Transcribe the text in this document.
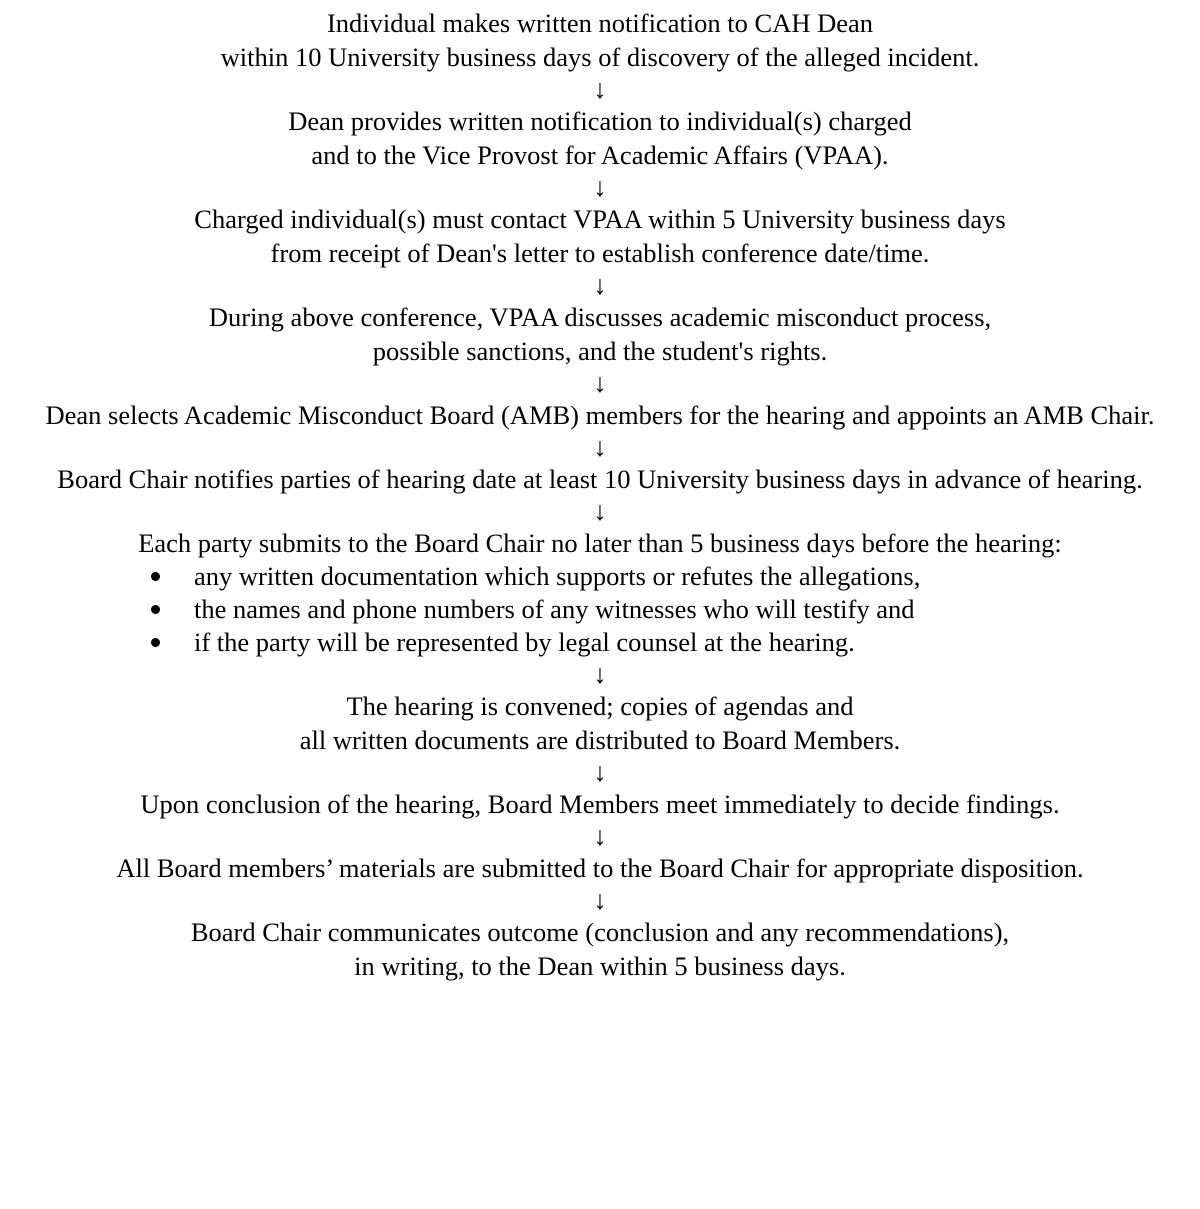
Individual makes written notification to CAH Dean
within 10 University business days of discovery of the alleged incident.
↓
Dean provides written notification to individual(s) charged
and to the Vice Provost for Academic Affairs (VPAA).
↓
Charged individual(s) must contact VPAA within 5 University business days
from receipt of Dean's letter to establish conference date/time.
↓
During above conference, VPAA discusses academic misconduct process,
possible sanctions, and the student's rights.
↓
Dean selects Academic Misconduct Board (AMB) members for the hearing and appoints an AMB Chair.
↓
Board Chair notifies parties of hearing date at least 10 University business days in advance of hearing.
↓
Each party submits to the Board Chair no later than 5 business days before the hearing:
any written documentation which supports or refutes the allegations,
the names and phone numbers of any witnesses who will testify and
if the party will be represented by legal counsel at the hearing.
↓
The hearing is convened; copies of agendas and
all written documents are distributed to Board Members.
↓
Upon conclusion of the hearing, Board Members meet immediately to decide findings.
↓
All Board members’ materials are submitted to the Board Chair for appropriate disposition.
↓
Board Chair communicates outcome (conclusion and any recommendations),
in writing, to the Dean within 5 business days.
